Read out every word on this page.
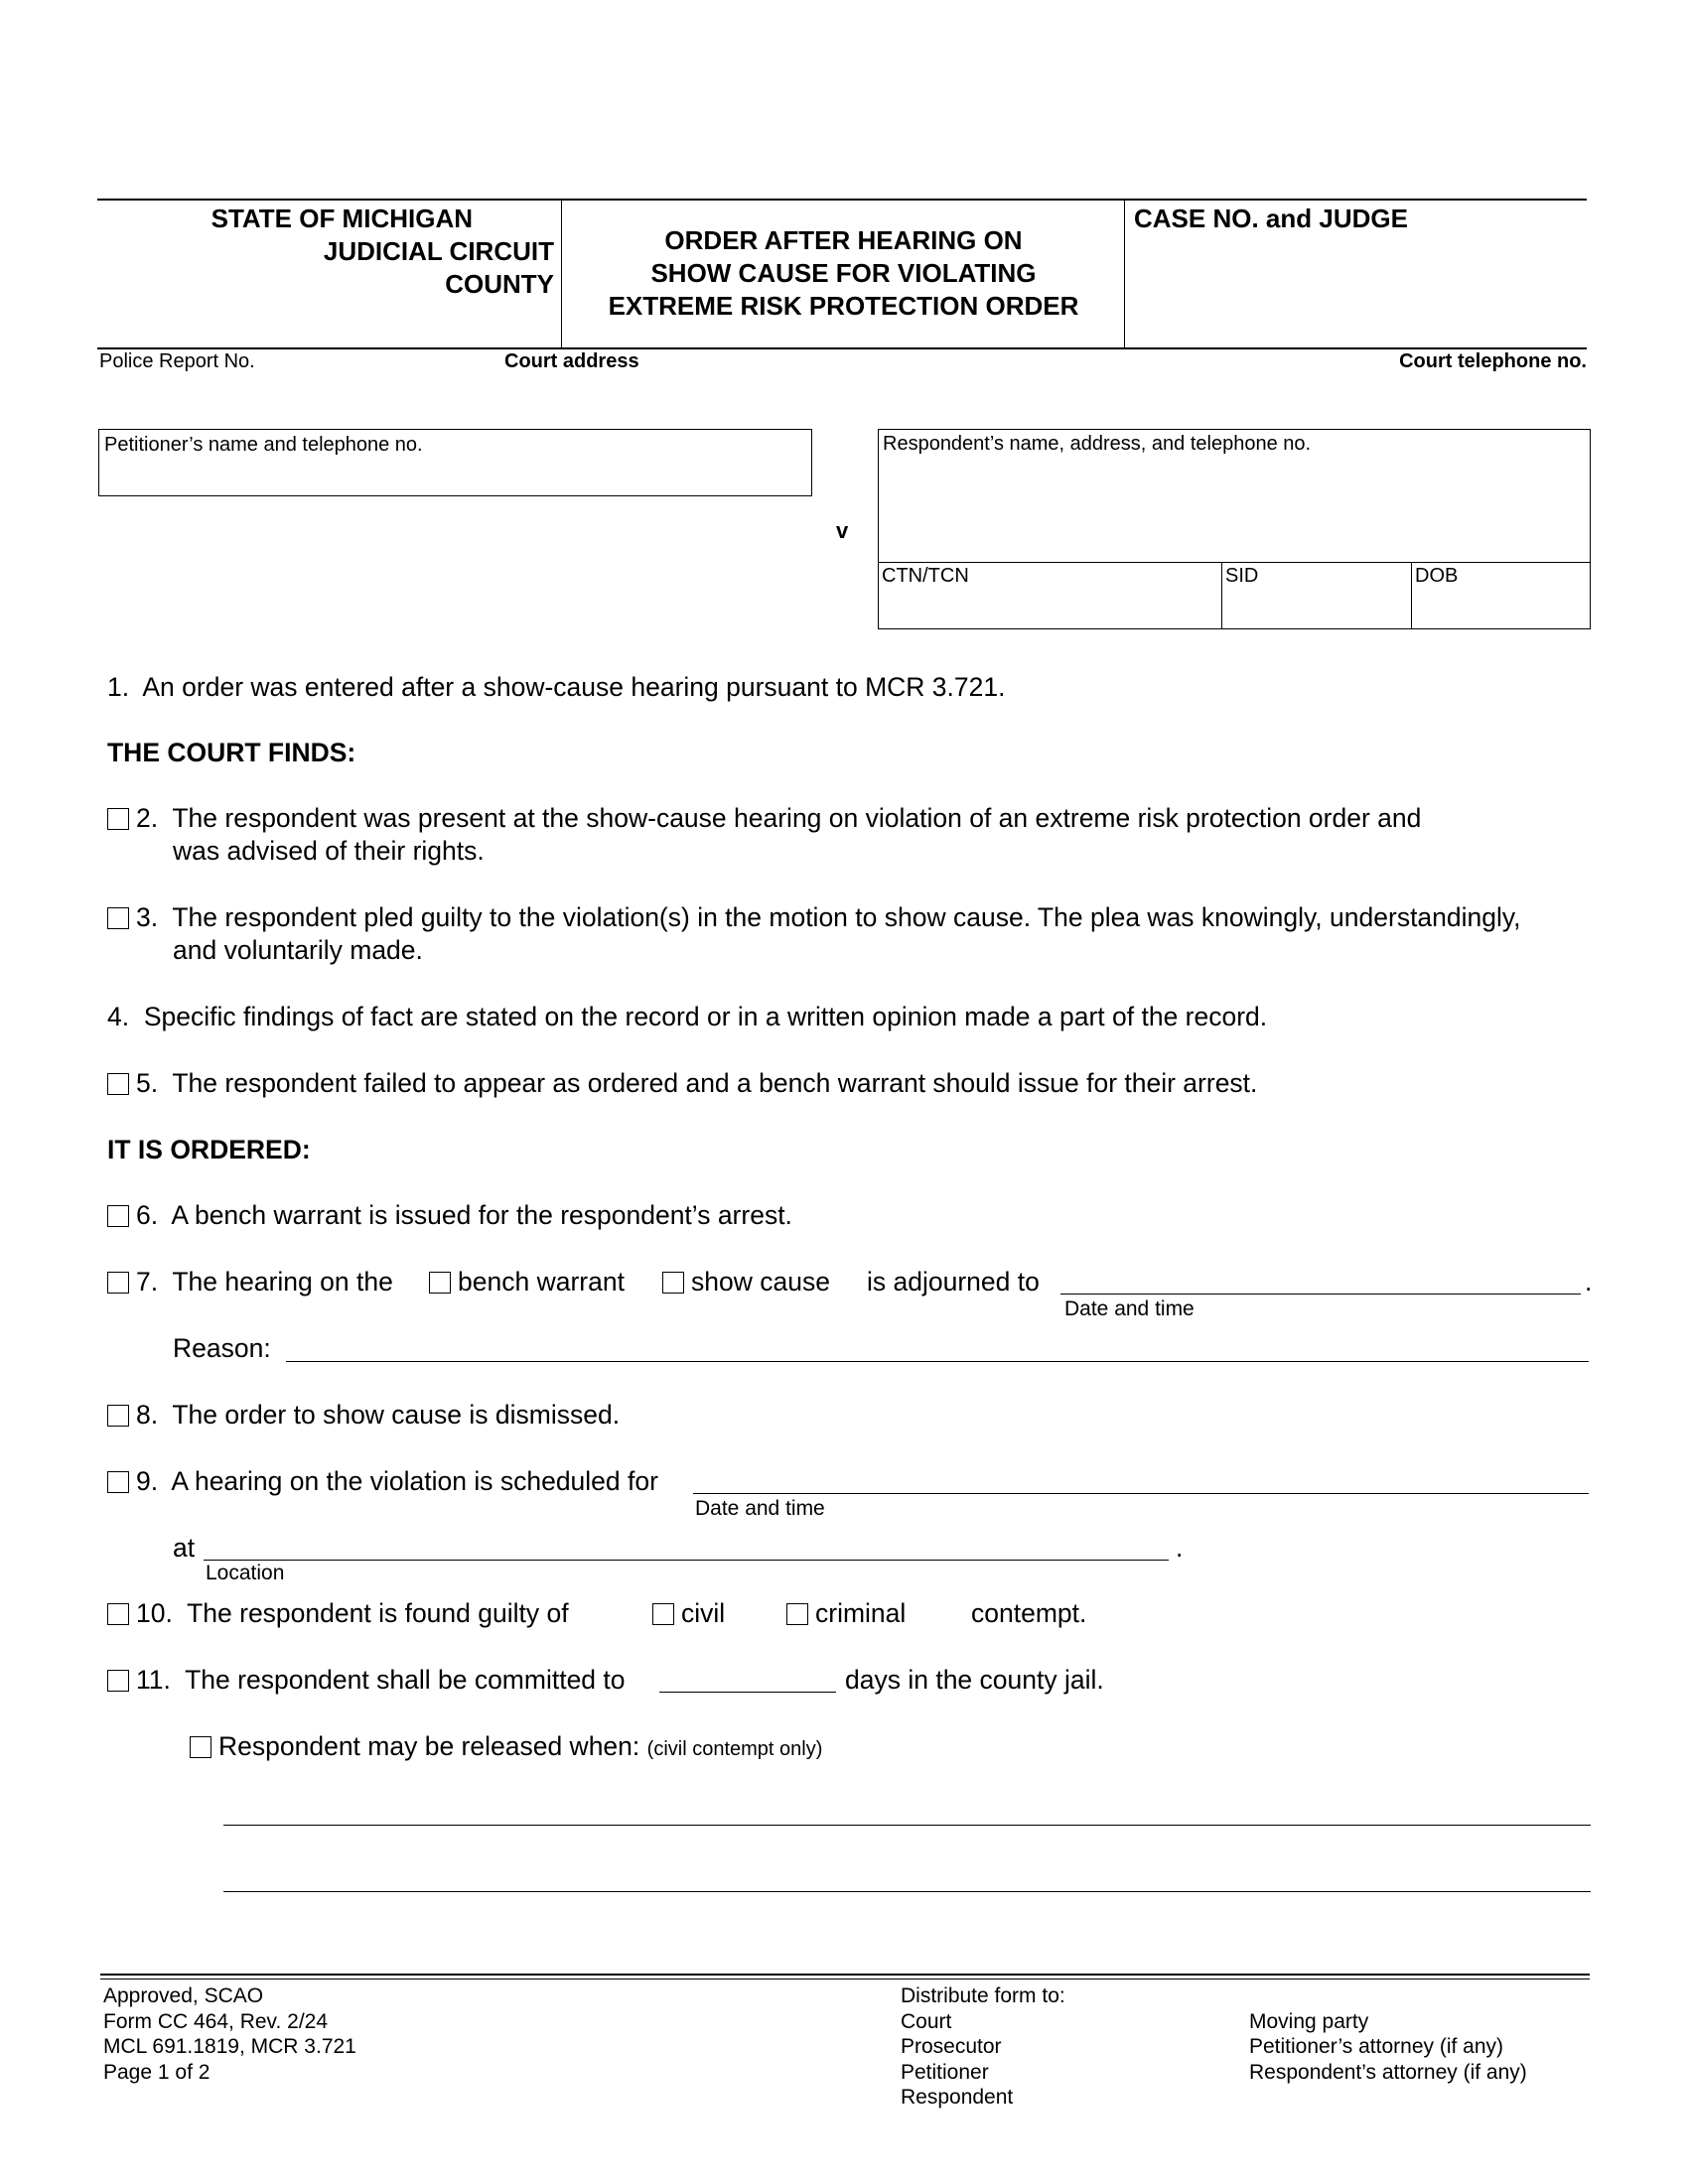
STATE OF MICHIGAN
JUDICIAL CIRCUIT
COUNTY
ORDER AFTER HEARING ON
SHOW CAUSE FOR VIOLATING
EXTREME RISK PROTECTION ORDER
CASE NO. and JUDGE
Police Report No.	Court address	Court telephone no.
Petitioner’s name and telephone no.
v
Respondent’s name, address, and telephone no.
CTN/TCN	SID	DOB
1. An order was entered after a show-cause hearing pursuant to MCR 3.721.
THE COURT FINDS:
2. The respondent was present at the show-cause hearing on violation of an extreme risk protection order and
was advised of their rights.
3. The respondent pled guilty to the violation(s) in the motion to show cause. The plea was knowingly, understandingly,
and voluntarily made.
4. Specific findings of fact are stated on the record or in a written opinion made a part of the record.
5. The respondent failed to appear as ordered and a bench warrant should issue for their arrest.
IT IS ORDERED:
6. A bench warrant is issued for the respondent’s arrest.
7. The hearing on the	bench warrant	show cause is adjourned to	.
Date and time
Reason:
8. The order to show cause is dismissed.
9. A hearing on the violation is scheduled for
Date and time
at	.
Location
10. The respondent is found guilty of	civil	criminal contempt.
11. The respondent shall be committed to	days in the county jail.
Respondent may be released when: (civil contempt only)
Approved, SCAO
Form CC 464, Rev. 2/24
MCL 691.1819, MCR 3.721
Page 1 of 2
Distribute form to:
Court
Prosecutor
Petitioner
Respondent
Moving party
Petitioner’s attorney (if any)
Respondent’s attorney (if any)
